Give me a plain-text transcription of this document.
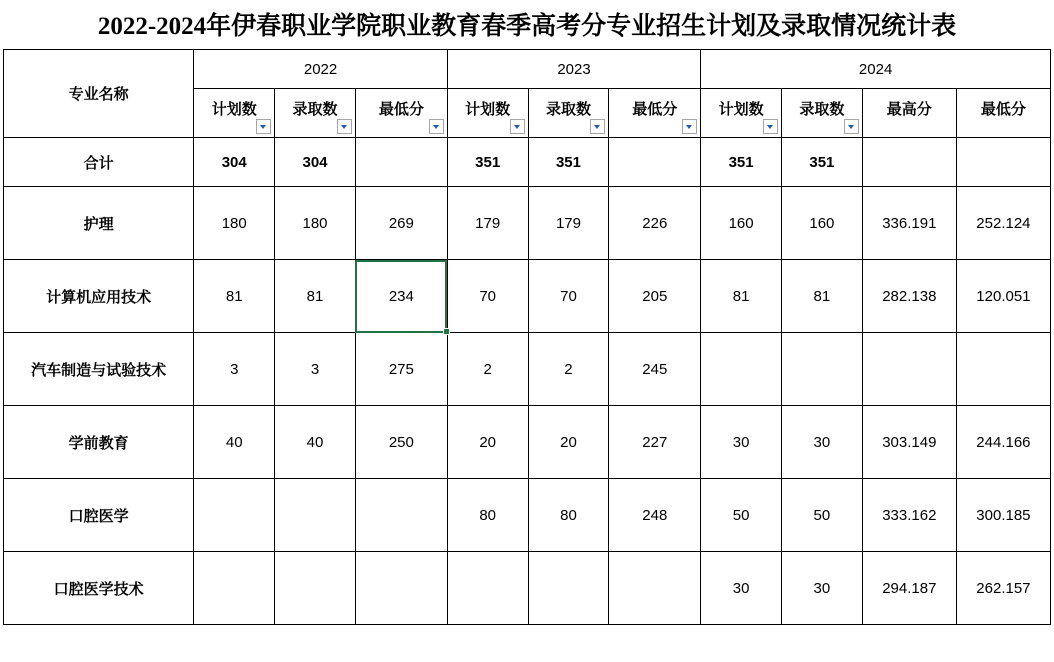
2022-2024年伊春职业学院职业教育春季高考分专业招生计划及录取情况统计表
专业名称	2022			2023			2024			

	计划数	录取数	最低分	计划数	录取数	最低分	计划数	录取数	最高分	最低分

合计	304	304		351	351		351	351		
护理	180	180	269	179	179	226	160	160	336.191	252.124
计算机应用技术	81	81	234	70	70	205	81	81	282.138	120.051
汽车制造与试验技术	3	3	275	2	2	245				
学前教育	40	40	250	20	20	227	30	30	303.149	244.166
口腔医学				80	80	248	50	50	333.162	300.185
口腔医学技术							30	30	294.187	262.157
